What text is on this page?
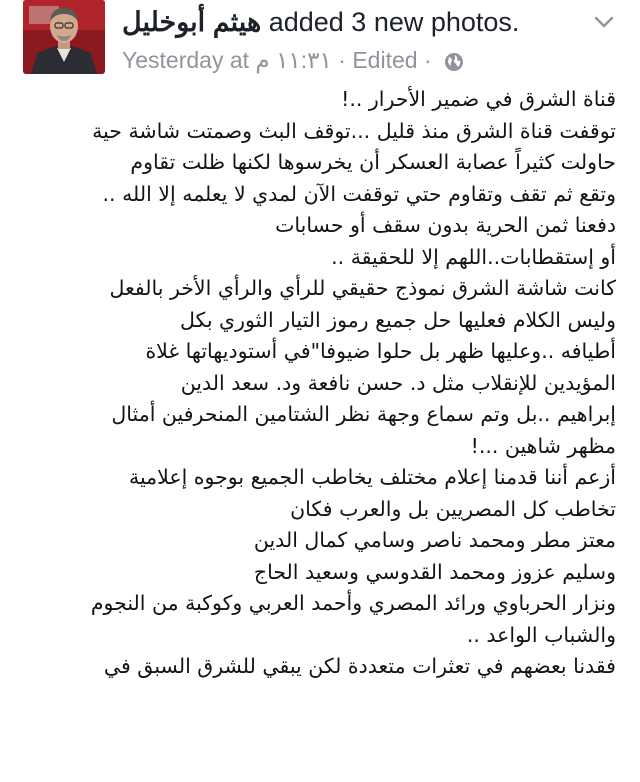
هيثم أبوخليل added 3 new photos.
Yesterday at ١١:٣١ م · Edited ·
قناة الشرق في ضمير الأحرار ..!
توقفت قناة الشرق منذ قليل ...توقف البث وصمتت شاشة حية
حاولت كثيراً عصابة العسكر أن يخرسوها لكنها ظلت تقاوم
وتقع ثم تقف وتقاوم حتي توقفت الآن لمدي لا يعلمه إلا الله ..
دفعنا ثمن الحرية بدون سقف أو حسابات
أو إستقطابات..اللهم إلا للحقيقة ..
كانت شاشة الشرق نموذج حقيقي للرأي والرأي الأخر بالفعل
وليس الكلام فعليها حل جميع رموز التيار الثوري بكل
أطيافه ..وعليها ظهر بل حلوا ضيوفا"في أستوديهاتها غلاة
المؤيدين للإنقلاب مثل د. حسن نافعة ود. سعد الدين
إبراهيم ..بل وتم سماع وجهة نظر الشتامين المنحرفين أمثال
مظهر شاهين ...!
أزعم أننا قدمنا إعلام مختلف يخاطب الجميع بوجوه إعلامية
تخاطب كل المصريين بل والعرب فكان
معتز مطر ومحمد ناصر وسامي كمال الدين
وسليم عزوز ومحمد القدوسي وسعيد الحاج
ونزار الحرباوي ورائد المصري وأحمد العربي وكوكبة من النجوم
والشباب الواعد ..
فقدنا بعضهم في تعثرات متعددة لكن يبقي للشرق السبق في
